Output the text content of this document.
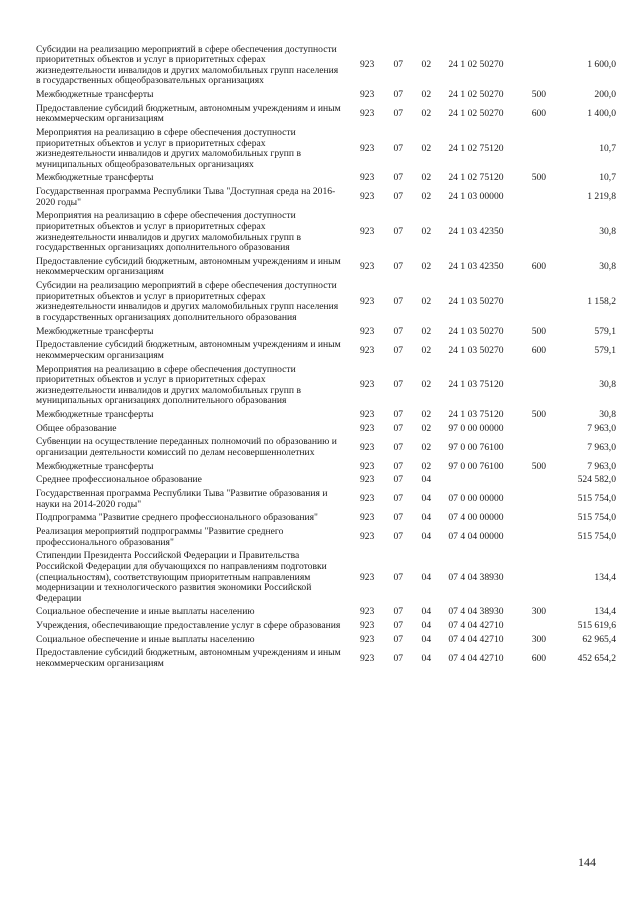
Субсидии на реализацию мероприятий в сфере обеспечения доступности приоритетных объектов и услуг в приоритетных сферах жизнедеятельности инвалидов и других маломобильных групп населения в государственных общеобразовательных организациях	923	07	02	24 1 02 50270		1 600,0
Межбюджетные трансферты	923	07	02	24 1 02 50270	500	200,0
Предоставление субсидий бюджетным, автономным учреждениям и иным некоммерческим организациям	923	07	02	24 1 02 50270	600	1 400,0
Мероприятия на реализацию в сфере обеспечения доступности приоритетных объектов и услуг в приоритетных сферах жизнедеятельности инвалидов и других маломобильных групп в муниципальных общеобразовательных организациях	923	07	02	24 1 02 75120		10,7
Межбюджетные трансферты	923	07	02	24 1 02 75120	500	10,7
Государственная программа Республики Тыва "Доступная среда на 2016-2020 годы"	923	07	02	24 1 03 00000		1 219,8
Мероприятия на реализацию в сфере обеспечения доступности приоритетных объектов и услуг в приоритетных сферах жизнедеятельности инвалидов и других маломобильных групп в государственных организациях дополнительного образования	923	07	02	24 1 03 42350		30,8
Предоставление субсидий бюджетным, автономным учреждениям и иным некоммерческим организациям	923	07	02	24 1 03 42350	600	30,8
Субсидии на реализацию мероприятий в сфере обеспечения доступности приоритетных объектов и услуг в приоритетных сферах жизнедеятельности инвалидов и других маломобильных групп населения в государственных организациях дополнительного образования	923	07	02	24 1 03 50270		1 158,2
Межбюджетные трансферты	923	07	02	24 1 03 50270	500	579,1
Предоставление субсидий бюджетным, автономным учреждениям и иным некоммерческим организациям	923	07	02	24 1 03 50270	600	579,1
Мероприятия на реализацию в сфере обеспечения доступности приоритетных объектов и услуг в приоритетных сферах жизнедеятельности инвалидов и других маломобильных групп в муниципальных организациях дополнительного образования	923	07	02	24 1 03 75120		30,8
Межбюджетные трансферты	923	07	02	24 1 03 75120	500	30,8
Общее образование	923	07	02	97 0 00 00000		7 963,0
Субвенции на осуществление переданных полномочий по образованию и организации деятельности комиссий по делам несовершеннолетних	923	07	02	97 0 00 76100		7 963,0
Межбюджетные трансферты	923	07	02	97 0 00 76100	500	7 963,0
Среднее профессиональное образование	923	07	04			524 582,0
Государственная программа Республики Тыва "Развитие образования и науки на 2014-2020 годы"	923	07	04	07 0 00 00000		515 754,0
Подпрограмма "Развитие среднего профессионального образования"	923	07	04	07 4 00 00000		515 754,0
Реализация мероприятий подпрограммы "Развитие среднего профессионального образования"	923	07	04	07 4 04 00000		515 754,0
Стипендии Президента Российской Федерации и Правительства Российской Федерации для обучающихся по направлениям подготовки (специальностям), соответствующим приоритетным направлениям модернизации и технологического развития экономики Российской Федерации	923	07	04	07 4 04 38930		134,4
Социальное обеспечение и иные выплаты населению	923	07	04	07 4 04 38930	300	134,4
Учреждения, обеспечивающие предоставление услуг в сфере образования	923	07	04	07 4 04 42710		515 619,6
Социальное обеспечение и иные выплаты населению	923	07	04	07 4 04 42710	300	62 965,4
Предоставление субсидий бюджетным, автономным учреждениям и иным некоммерческим организациям	923	07	04	07 4 04 42710	600	452 654,2
144
